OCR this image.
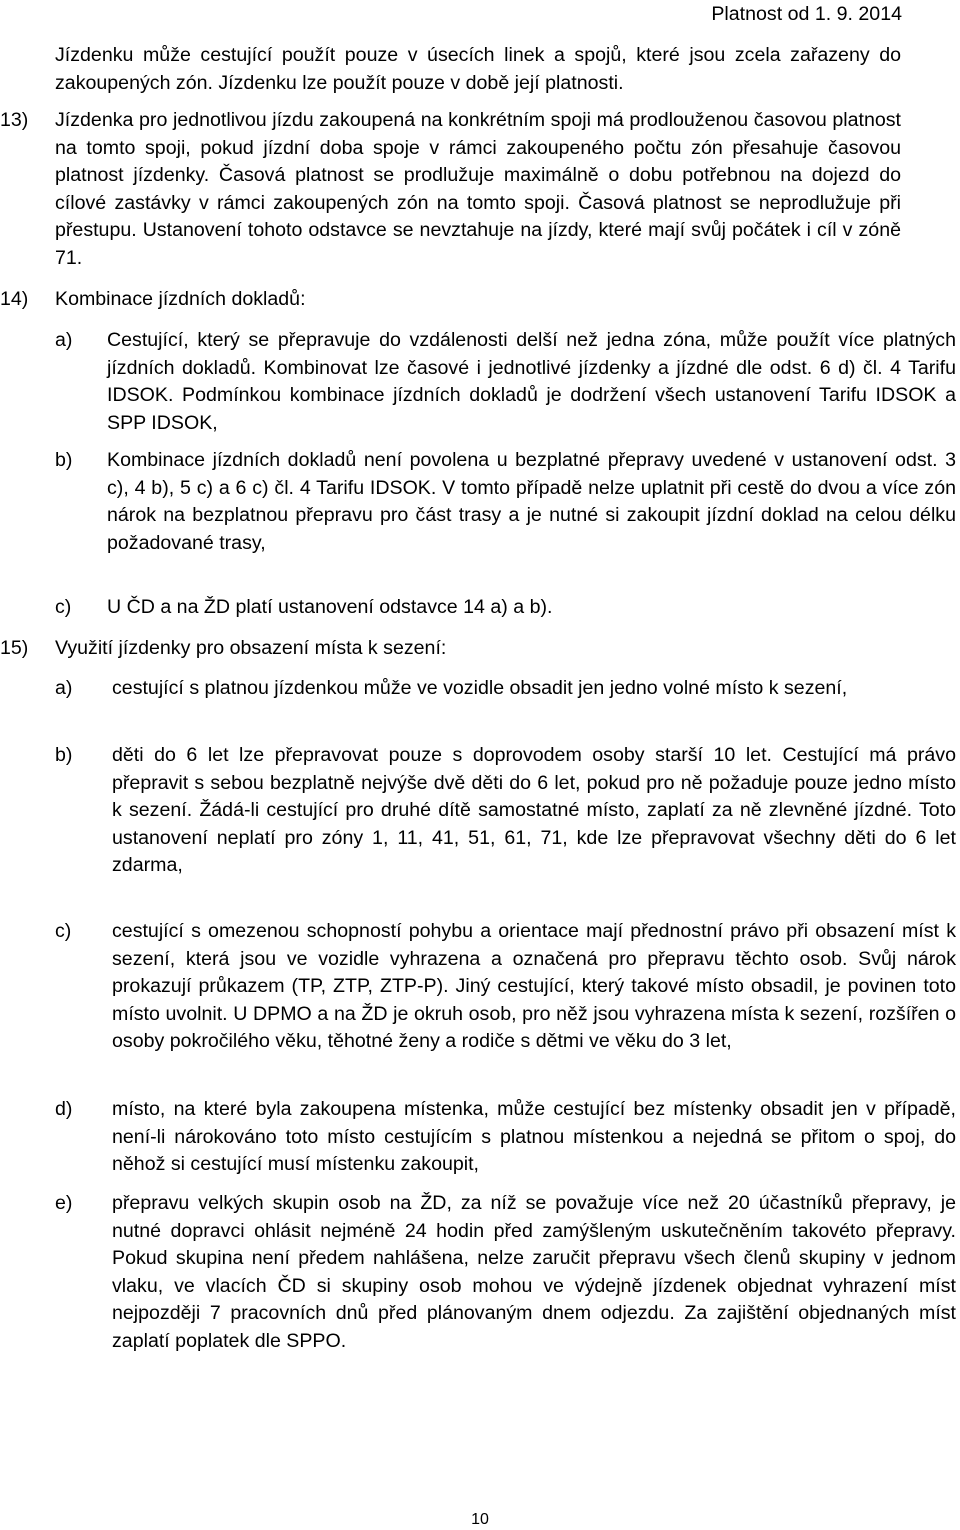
Platnost od 1. 9. 2014

Jízdenku může cestující použít pouze v úsecích linek a spojů, které jsou zcela zařazeny do zakoupených zón. Jízdenku lze použít pouze v době její platnosti.

13) Jízdenka pro jednotlivou jízdu zakoupená na konkrétním spoji má prodlouženou časovou platnost na tomto spoji, pokud jízdní doba spoje v rámci zakoupeného počtu zón přesahuje časovou platnost jízdenky. Časová platnost se prodlužuje maximálně o dobu potřebnou na dojezd do cílové zastávky v rámci zakoupených zón na tomto spoji. Časová platnost se neprodlužuje při přestupu. Ustanovení tohoto odstavce se nevztahuje na jízdy, které mají svůj počátek i cíl v zóně 71.

14) Kombinace jízdních dokladů:
a) Cestující, který se přepravuje do vzdálenosti delší než jedna zóna, může použít více platných jízdních dokladů. Kombinovat lze časové i jednotlivé jízdenky a jízdné dle odst. 6 d) čl. 4 Tarifu IDSOK. Podmínkou kombinace jízdních dokladů je dodržení všech ustanovení Tarifu IDSOK a SPP IDSOK,

b) Kombinace jízdních dokladů není povolena u bezplatné přepravy uvedené v ustanovení odst. 3 c), 4 b), 5 c) a 6 c) čl. 4 Tarifu IDSOK. V tomto případě nelze uplatnit při cestě do dvou a více zón nárok na bezplatnou přepravu pro část trasy a je nutné si zakoupit jízdní doklad na celou délku požadované trasy,

c) U ČD a na ŽD platí ustanovení odstavce 14 a) a b).

15) Využití jízdenky pro obsazení místa k sezení:
a) cestující s platnou jízdenkou může ve vozidle obsadit jen jedno volné místo k sezení,

b) děti do 6 let lze přepravovat pouze s doprovodem osoby starší 10 let. Cestující má právo přepravit s sebou bezplatně nejvýše dvě děti do 6 let, pokud pro ně požaduje pouze jedno místo k sezení. Žádá-li cestující pro druhé dítě samostatné místo, zaplatí za ně zlevněné jízdné. Toto ustanovení neplatí pro zóny 1, 11, 41, 51, 61, 71, kde lze přepravovat všechny děti do 6 let zdarma,

c) cestující s omezenou schopností pohybu a orientace mají přednostní právo při obsazení míst k sezení, která jsou ve vozidle vyhrazena a označená pro přepravu těchto osob. Svůj nárok prokazují průkazem (TP, ZTP, ZTP-P). Jiný cestující, který takové místo obsadil, je povinen toto místo uvolnit. U DPMO a na ŽD je okruh osob, pro něž jsou vyhrazena místa k sezení, rozšířen o osoby pokročilého věku, těhotné ženy a rodiče s dětmi ve věku do 3 let,

d) místo, na které byla zakoupena místenka, může cestující bez místenky obsadit jen v případě, není-li nárokováno toto místo cestujícím s platnou místenkou a nejedná se přitom o spoj, do něhož si cestující musí místenku zakoupit,

e) přepravu velkých skupin osob na ŽD, za níž se považuje více než 20 účastníků přepravy, je nutné dopravci ohlásit nejméně 24 hodin před zamýšleným uskutečněním takovéto přepravy. Pokud skupina není předem nahlášena, nelze zaručit přepravu všech členů skupiny v jednom vlaku, ve vlacích ČD si skupiny osob mohou ve výdejně jízdenek objednat vyhrazení míst nejpozději 7 pracovních dnů před plánovaným dnem odjezdu. Za zajištění objednaných míst zaplatí poplatek dle SPPO.

10
